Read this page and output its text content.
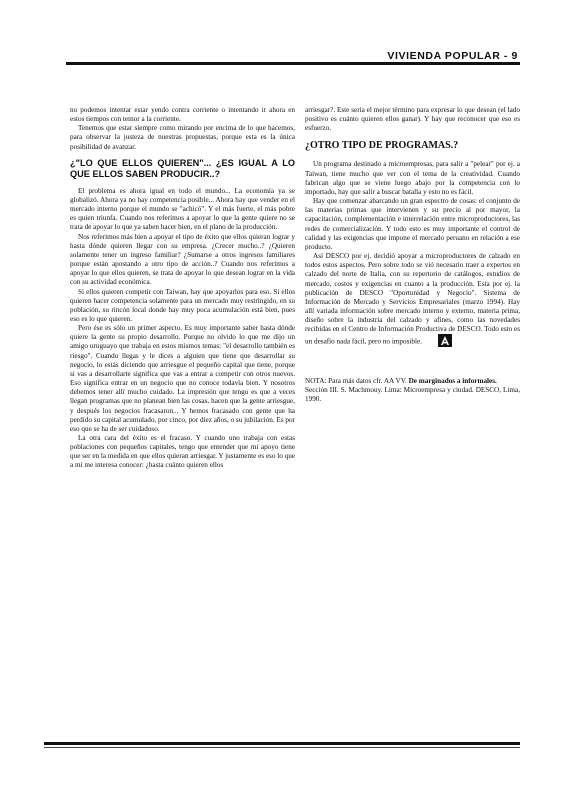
VIVIENDA POPULAR - 9

no podemos intentar estar yendo contra corriente o intentando ir ahora en estos tiempos con temor a la corriente.

Tenemos que estar siempre como mirando por encima de lo que hacemos, para observar la justeza de nuestras propuestas, porque esta es la única posibilidad de avanzar.

¿"LO QUE ELLOS QUIEREN"... ¿ES IGUAL A LO QUE ELLOS SABEN PRODUCIR..?

El problema es ahora igual en todo el mundo... La economía ya se globalizó. Ahora ya no hay competencia posible... Ahora hay que vender en el mercado interno porque el mundo se "achicó". Y el más fuerte, el más pobre es quien triunfa. Cuando nos referimos a apoyar lo que la gente quiere no se trata de apoyar lo que ya saben hacer bien, en el plano de la producción.

Nos referimos más bien a apoyar el tipo de éxito que ellos quieran lograr y hasta dónde quieren llegar con su empresa. ¿Crecer mucho..? ¿Quieren solamente tener un ingreso familiar? ¿Sumarse a otros ingresos familiares porque están apostando a otro tipo de acción..? Cuando nos referimos a apoyar lo que ellos quieren, se trata de apoyar lo que desean lograr en la vida con su actividad económica.

Si ellos quieren competir con Taiwan, hay que apoyarlos para eso. Si ellos quieren hacer competencia solamente para un mercado muy restringido, en su población, su rincón local donde hay muy poca acumulación está bien, pues eso es lo que quieren.

Pero ése es sólo un primer aspecto. Es muy importante saber hasta dónde quiere la gente su propio desarrollo. Porque no olvido lo que me dijo un amigo uruguayo que trabaja en estos mismos temas: "el desarrollo también es riesgo". Cuando llegas y le dices a alguien que tiene que desarrollar su negocio, lo estás diciendo que arriesgue el pequeño capital que tiene, porque si vas a desarrollarte significa que vas a entrar a competir con otros nuevos. Eso significa entrar en un negocio que no conoce todavía bien. Y nosotros debemos tener allí mucho cuidado. La impresión que tengo es que a veces llegan programas que no planean bien las cosas, hacen que la gente arriesgue, y después los negocios fracasaron... Y hemos fracasado con gente que ha perdido su capital acumulado, por cinco, por diez años, o su jubilación. Es por eso que se ha de ser cuidadoso.

La otra cara del éxito es el fracaso. Y cuando uno trabaja con estas poblaciones con pequeños capitales, tengo que entender que mi apoyo tiene que ser en la medida en que ellos quieran arriesgar. Y justamente es eso lo que a mí me interesa conocer: ¿hasta cuánto quieren ellos

arriesgar?. Este sería el mejor término para expresar lo que desean (el lado positivo es cuánto quieren ellos ganar). Y hay que reconocer que eso es esfuerzo.

¿OTRO TIPO DE PROGRAMAS.?

Un programa destinado a microempresas, para salir a "pelear" por ej. a Taiwan, tiene mucho que ver con el tema de la creatividad. Cuando fabrican algo que se viene luego abajo por la competencia con lo importado, hay que salir a buscar batalla y esto no es fácil.

Hay que comenzar abarcando un gran espectro de cosas: el conjunto de las materias primas que intervienen y su precio al por mayor, la capacitación, complementación e interrelación entre microproductores, las redes de comercialización. Y todo esto es muy importante el control de calidad y las exigencias que impone el mercado peruano en relación a ese producto.

Así DESCO por ej. decidió apoyar a microproductores de calzado en todos estos aspectos. Pero sobre todo se vió necesario traer a expertos en calzado del norte de Italia, con su repertorio de catálogos, estudios de mercado, costos y exigencias en cuanto a la producción. Esta por ej. la publicación de DESCO "Oportunidad y Negocio". Sistema de Información de Mercado y Servicios Empresariales (marzo 1994). Hay allí variada información sobre mercado interno y externo, materia prima, diseño sobre la industria del calzado y afines, como las novedades recibidas en el Centro de Información Productiva de DESCO. Todo esto es un desafío nada fácil, pero no imposible.

NOTA: Para más datos cfr. AA VV. De marginados a informales.

Sección III. S. Machmouy. Lima: Microempresa y ciudad. DESCO, Lima, 1990.
